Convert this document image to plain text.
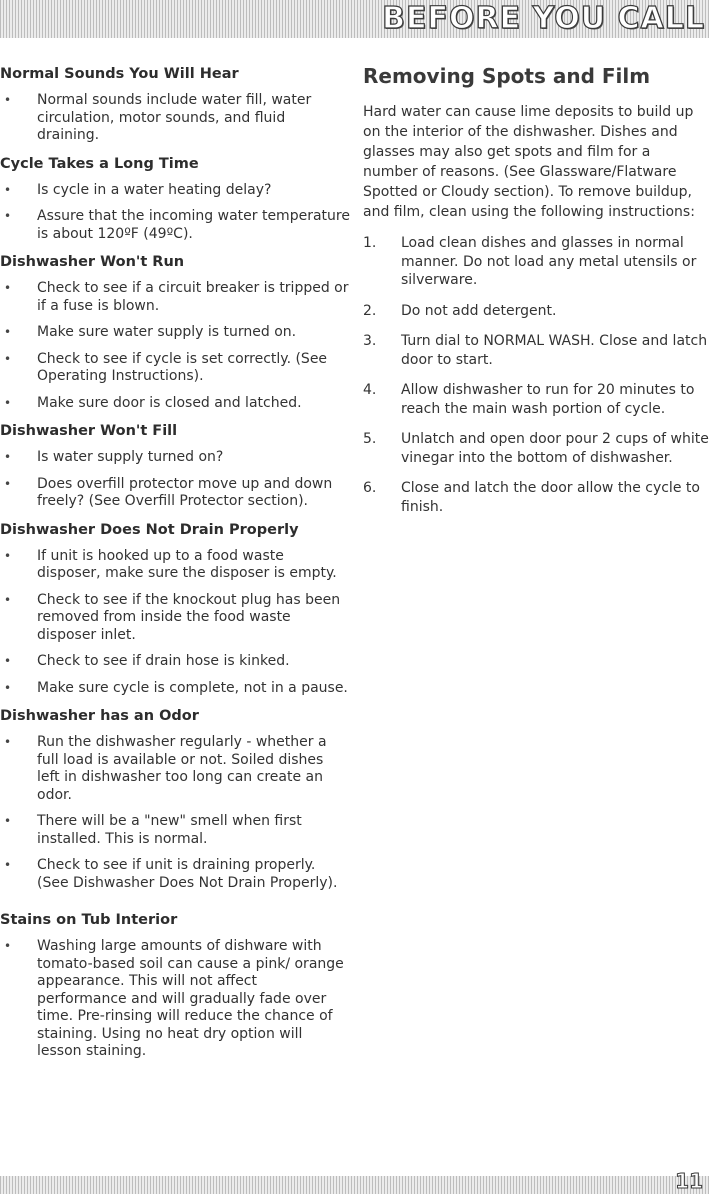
BEFORE YOU CALL
Normal Sounds You Will Hear
• Normal sounds include water fill, water circulation, motor sounds, and fluid draining.
Cycle Takes a Long Time
• Is cycle in a water heating delay?
• Assure that the incoming water temperature is about 120ºF (49ºC).
Dishwasher Won't Run
• Check to see if a circuit breaker is tripped or if a fuse is blown.
• Make sure water supply is turned on.
• Check to see if cycle is set correctly. (See Operating Instructions).
• Make sure door is closed and latched.
Dishwasher Won't Fill
• Is water supply turned on?
• Does overfill protector move up and down freely? (See Overfill Protector section).
Dishwasher Does Not Drain Properly
• If unit is hooked up to a food waste disposer, make sure the disposer is empty.
• Check to see if the knockout plug has been removed from inside the food waste disposer inlet.
• Check to see if drain hose is kinked.
• Make sure cycle is complete, not in a pause.
Dishwasher has an Odor
• Run the dishwasher regularly - whether a full load is available or not. Soiled dishes left in dishwasher too long can create an odor.
• There will be a "new" smell when first installed. This is normal.
• Check to see if unit is draining properly. (See Dishwasher Does Not Drain Properly).
Stains on Tub Interior
• Washing large amounts of dishware with tomato-based soil can cause a pink/ orange appearance. This will not affect performance and will gradually fade over time. Pre-rinsing will reduce the chance of staining. Using no heat dry option will lesson staining.
Removing Spots and Film

Hard water can cause lime deposits to build up on the interior of the dishwasher. Dishes and glasses may also get spots and film for a number of reasons. (See Glassware/Flatware Spotted or Cloudy section). To remove buildup, and film, clean using the following instructions:

1. Load clean dishes and glasses in normal manner. Do not load any metal utensils or silverware.
2. Do not add detergent.
3. Turn dial to NORMAL WASH. Close and latch door to start.
4. Allow dishwasher to run for 20 minutes to reach the main wash portion of cycle.
5. Unlatch and open door pour 2 cups of white vinegar into the bottom of dishwasher.
6. Close and latch the door allow the cycle to finish.
11
